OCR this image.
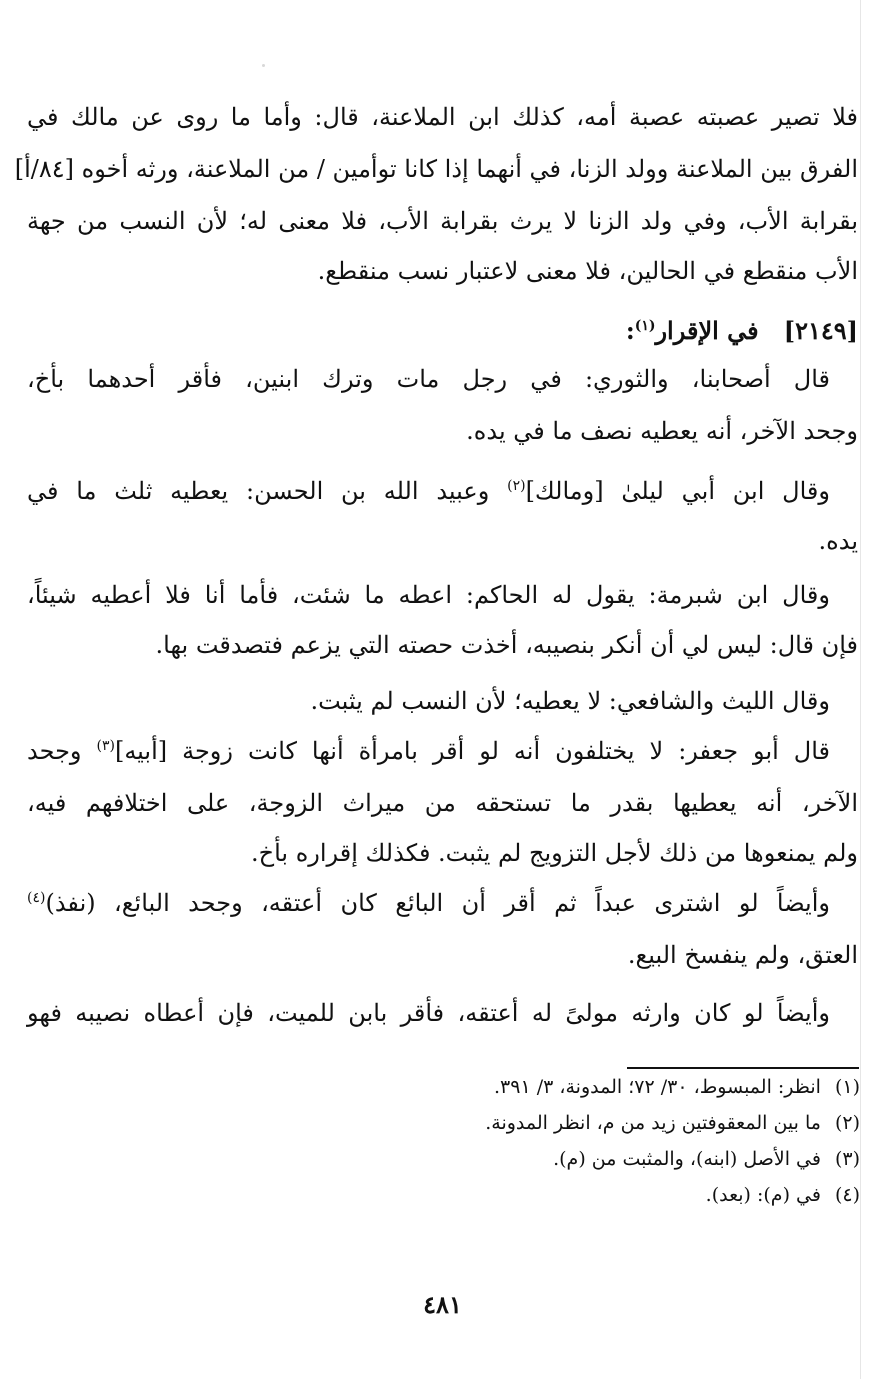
فلا تصير عصبته عصبة أمه، كذلك ابن الملاعنة، قال: وأما ما روى عن مالك في
الفرق بين الملاعنة وولد الزنا، في أنهما إذا كانا توأمين / من الملاعنة، ورثه أخوه [٨٤/أ]
بقرابة الأب، وفي ولد الزنا لا يرث بقرابة الأب، فلا معنى له؛ لأن النسب من جهة
الأب منقطع في الحالين، فلا معنى لاعتبار نسب منقطع.
[٢١٤٩]   في الإقرار$^{(١)}$:
قال أصحابنا، والثوري: في رجل مات وترك ابنين، فأقر أحدهما بأخ،
وجحد الآخر، أنه يعطيه نصف ما في يده.
وقال ابن أبي ليلىٰ [ومالك]$^{(٢)}$ وعبيد الله بن الحسن: يعطيه ثلث ما في
يده.
وقال ابن شبرمة: يقول له الحاكم: اعطه ما شئت، فأما أنا فلا أعطيه شيئاً،
فإن قال: ليس لي أن أنكر بنصيبه، أخذت حصته التي يزعم فتصدقت بها.
وقال الليث والشافعي: لا يعطيه؛ لأن النسب لم يثبت.
قال أبو جعفر: لا يختلفون أنه لو أقر بامرأة أنها كانت زوجة [أبيه]$^{(٣)}$ وجحد
الآخر، أنه يعطيها بقدر ما تستحقه من ميراث الزوجة، على اختلافهم فيه،
ولم يمنعوها من ذلك لأجل التزويج لم يثبت. فكذلك إقراره بأخ.
وأيضاً لو اشترى عبداً ثم أقر أن البائع كان أعتقه، وجحد البائع، (نفذ)$^{(٤)}$
العتق، ولم ينفسخ البيع.
وأيضاً لو كان وارثه مولىً له أعتقه، فأقر بابن للميت، فإن أعطاه نصيبه فهو
(١)انظر: المبسوط، ٣٠/ ٧٢؛ المدونة، ٣/ ٣٩١.
(٢)ما بين المعقوفتين زيد من م، انظر المدونة.
(٣)في الأصل (ابنه)، والمثبت من (م).
(٤)في (م): (بعد).
٤٨١
